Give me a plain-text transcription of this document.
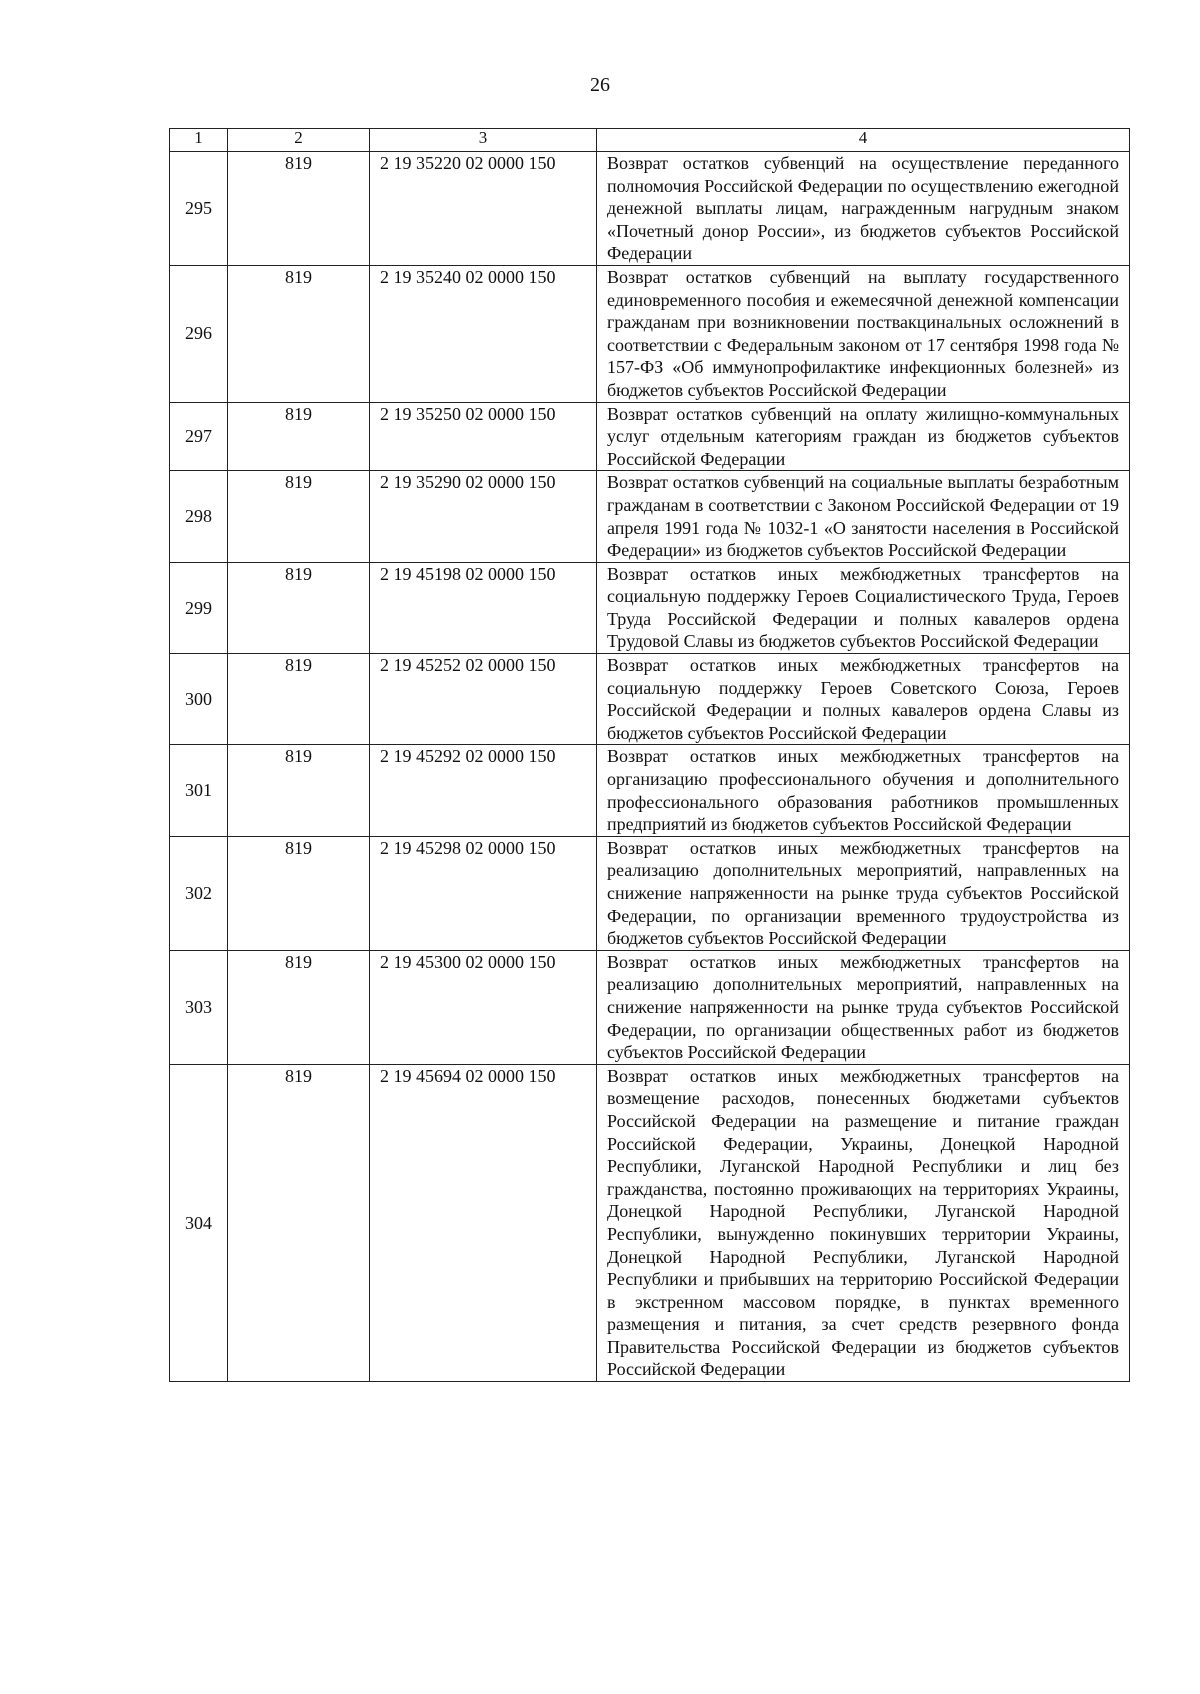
26
1	2	3	4
295	819	2 19 35220 02 0000 150	Возврат остатков субвенций на осуществление переданного полномочия Российской Федерации по осуществлению ежегодной денежной выплаты лицам, награжденным нагрудным знаком «Почетный донор России», из бюджетов субъектов Российской Федерации
296	819	2 19 35240 02 0000 150	Возврат остатков субвенций на выплату государственного единовременного пособия и ежемесячной денежной компенсации гражданам при возникновении поствакцинальных осложнений в соответствии с Федеральным законом от 17 сентября 1998 года № 157-ФЗ «Об иммунопрофилактике инфекционных болезней» из бюджетов субъектов Российской Федерации
297	819	2 19 35250 02 0000 150	Возврат остатков субвенций на оплату жилищно-коммунальных услуг отдельным категориям граждан из бюджетов субъектов Российской Федерации
298	819	2 19 35290 02 0000 150	Возврат остатков субвенций на социальные выплаты безработным гражданам в соответствии с Законом Российской Федерации от 19 апреля 1991 года № 1032-1 «О занятости населения в Российской Федерации» из бюджетов субъектов Российской Федерации
299	819	2 19 45198 02 0000 150	Возврат остатков иных межбюджетных трансфертов на социальную поддержку Героев Социалистического Труда, Героев Труда Российской Федерации и полных кавалеров ордена Трудовой Славы из бюджетов субъектов Российской Федерации
300	819	2 19 45252 02 0000 150	Возврат остатков иных межбюджетных трансфертов на социальную поддержку Героев Советского Союза, Героев Российской Федерации и полных кавалеров ордена Славы из бюджетов субъектов Российской Федерации
301	819	2 19 45292 02 0000 150	Возврат остатков иных межбюджетных трансфертов на организацию профессионального обучения и дополнительного профессионального образования работников промышленных предприятий из бюджетов субъектов Российской Федерации
302	819	2 19 45298 02 0000 150	Возврат остатков иных межбюджетных трансфертов на реализацию дополнительных мероприятий, направленных на снижение напряженности на рынке труда субъектов Российской Федерации, по организации временного трудоустройства из бюджетов субъектов Российской Федерации
303	819	2 19 45300 02 0000 150	Возврат остатков иных межбюджетных трансфертов на реализацию дополнительных мероприятий, направленных на снижение напряженности на рынке труда субъектов Российской Федерации, по организации общественных работ из бюджетов субъектов Российской Федерации
304	819	2 19 45694 02 0000 150	Возврат остатков иных межбюджетных трансфертов на возмещение расходов, понесенных бюджетами субъектов Российской Федерации на размещение и питание граждан Российской Федерации, Украины, Донецкой Народной Республики, Луганской Народной Республики и лиц без гражданства, постоянно проживающих на территориях Украины, Донецкой Народной Республики, Луганской Народной Республики, вынужденно покинувших территории Украины, Донецкой Народной Республики, Луганской Народной Республики и прибывших на территорию Российской Федерации в экстренном массовом порядке, в пунктах временного размещения и питания, за счет средств резервного фонда Правительства Российской Федерации из бюджетов субъектов Российской Федерации
